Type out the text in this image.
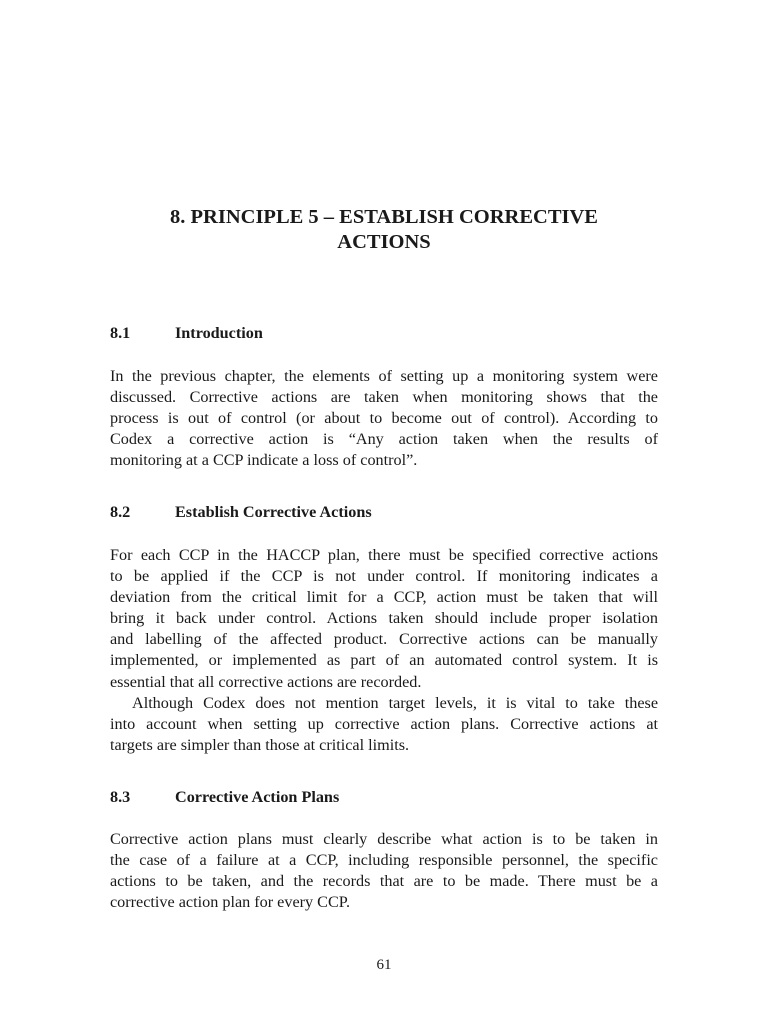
8. PRINCIPLE 5 – ESTABLISH CORRECTIVE
ACTIONS
8.1	Introduction
In the previous chapter, the elements of setting up a monitoring system were
discussed. Corrective actions are taken when monitoring shows that the
process is out of control (or about to become out of control). According to
Codex a corrective action is “Any action taken when the results of
monitoring at a CCP indicate a loss of control”.
8.2	Establish Corrective Actions
For each CCP in the HACCP plan, there must be specified corrective actions
to be applied if the CCP is not under control. If monitoring indicates a
deviation from the critical limit for a CCP, action must be taken that will
bring it back under control. Actions taken should include proper isolation
and labelling of the affected product. Corrective actions can be manually
implemented, or implemented as part of an automated control system. It is
essential that all corrective actions are recorded.
Although Codex does not mention target levels, it is vital to take these
into account when setting up corrective action plans. Corrective actions at
targets are simpler than those at critical limits.
8.3	Corrective Action Plans
Corrective action plans must clearly describe what action is to be taken in
the case of a failure at a CCP, including responsible personnel, the specific
actions to be taken, and the records that are to be made. There must be a
corrective action plan for every CCP.

61
